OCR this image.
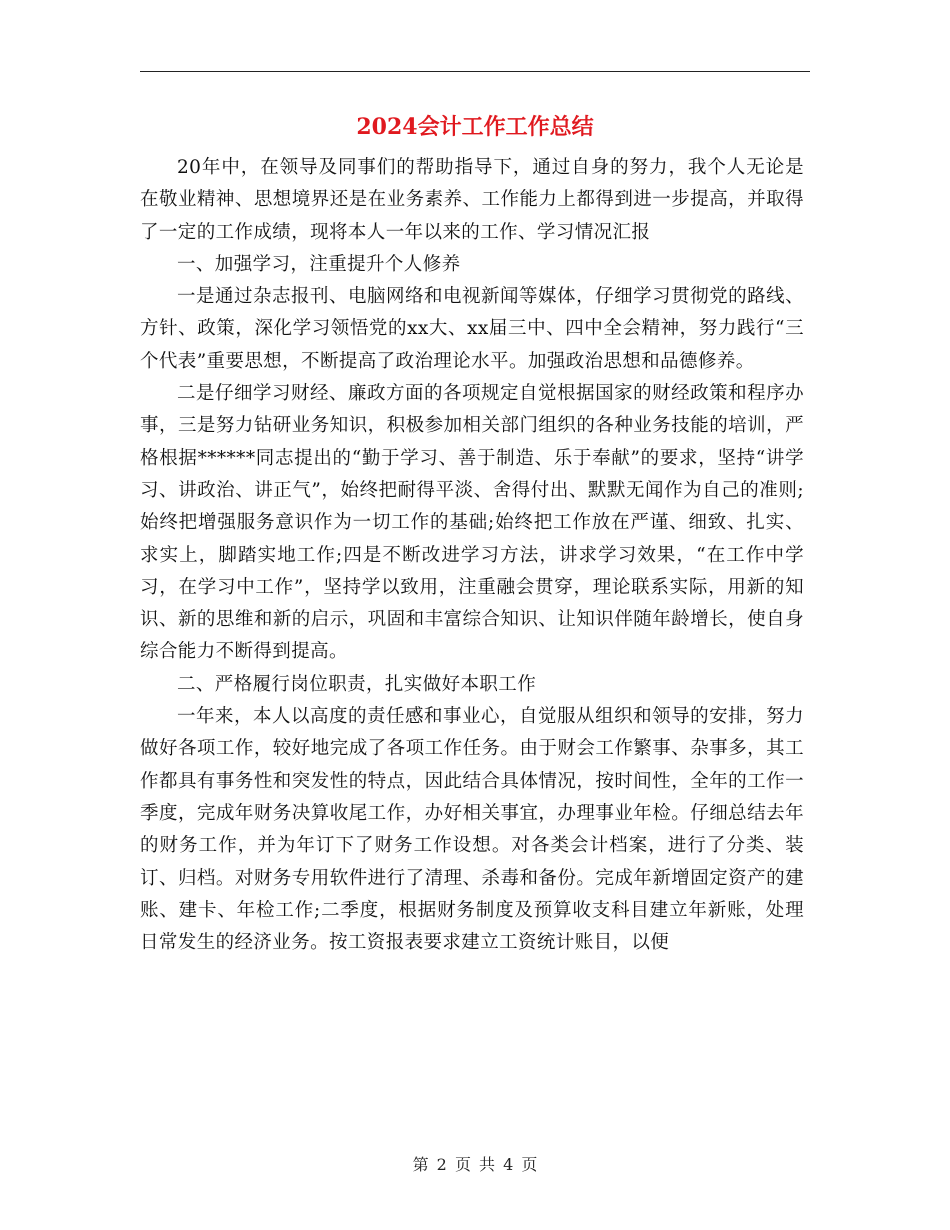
2024会计工作工作总结

20年中，在领导及同事们的帮助指导下，通过自身的努力，我个人无论是在敬业精神、思想境界还是在业务素养、工作能力上都得到进一步提高，并取得了一定的工作成绩，现将本人一年以来的工作、学习情况汇报

一、加强学习，注重提升个人修养

一是通过杂志报刊、电脑网络和电视新闻等媒体，仔细学习贯彻党的路线、方针、政策，深化学习领悟党的xx大、xx届三中、四中全会精神，努力践行“三个代表”重要思想，不断提高了政治理论水平。加强政治思想和品德修养。

二是仔细学习财经、廉政方面的各项规定自觉根据国家的财经政策和程序办事，三是努力钻研业务知识，积极参加相关部门组织的各种业务技能的培训，严格根据******同志提出的“勤于学习、善于制造、乐于奉献”的要求，坚持“讲学习、讲政治、讲正气”，始终把耐得平淡、舍得付出、默默无闻作为自己的准则;始终把增强服务意识作为一切工作的基础;始终把工作放在严谨、细致、扎实、求实上，脚踏实地工作;四是不断改进学习方法，讲求学习效果，“在工作中学习，在学习中工作”，坚持学以致用，注重融会贯穿，理论联系实际，用新的知识、新的思维和新的启示，巩固和丰富综合知识、让知识伴随年龄增长，使自身综合能力不断得到提高。

二、严格履行岗位职责，扎实做好本职工作

一年来，本人以高度的责任感和事业心，自觉服从组织和领导的安排，努力做好各项工作，较好地完成了各项工作任务。由于财会工作繁事、杂事多，其工作都具有事务性和突发性的特点，因此结合具体情况，按时间性，全年的工作一季度，完成年财务决算收尾工作，办好相关事宜，办理事业年检。仔细总结去年的财务工作，并为年订下了财务工作设想。对各类会计档案，进行了分类、装订、归档。对财务专用软件进行了清理、杀毒和备份。完成年新增固定资产的建账、建卡、年检工作;二季度，根据财务制度及预算收支科目建立年新账，处理日常发生的经济业务。按工资报表要求建立工资统计账目，以便

第 2 页 共 4 页
